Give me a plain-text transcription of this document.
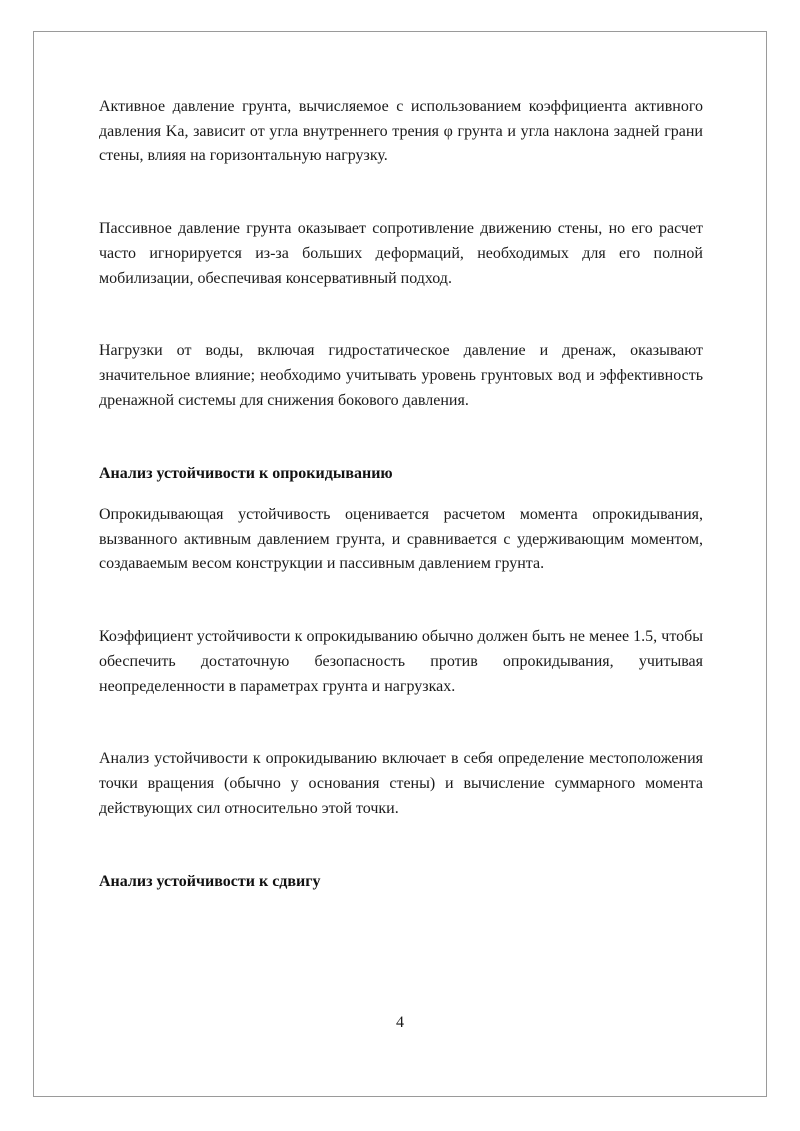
Активное давление грунта, вычисляемое с использованием коэффициента активного давления Ka, зависит от угла внутреннего трения φ грунта и угла наклона задней грани стены, влияя на горизонтальную нагрузку.

Пассивное давление грунта оказывает сопротивление движению стены, но его расчет часто игнорируется из-за больших деформаций, необходимых для его полной мобилизации, обеспечивая консервативный подход.

Нагрузки от воды, включая гидростатическое давление и дренаж, оказывают значительное влияние; необходимо учитывать уровень грунтовых вод и эффективность дренажной системы для снижения бокового давления.

Анализ устойчивости к опрокидыванию

Опрокидывающая устойчивость оценивается расчетом момента опрокидывания, вызванного активным давлением грунта, и сравнивается с удерживающим моментом, создаваемым весом конструкции и пассивным давлением грунта.

Коэффициент устойчивости к опрокидыванию обычно должен быть не менее 1.5, чтобы обеспечить достаточную безопасность против опрокидывания, учитывая неопределенности в параметрах грунта и нагрузках.

Анализ устойчивости к опрокидыванию включает в себя определение местоположения точки вращения (обычно у основания стены) и вычисление суммарного момента действующих сил относительно этой точки.

Анализ устойчивости к сдвигу

4
